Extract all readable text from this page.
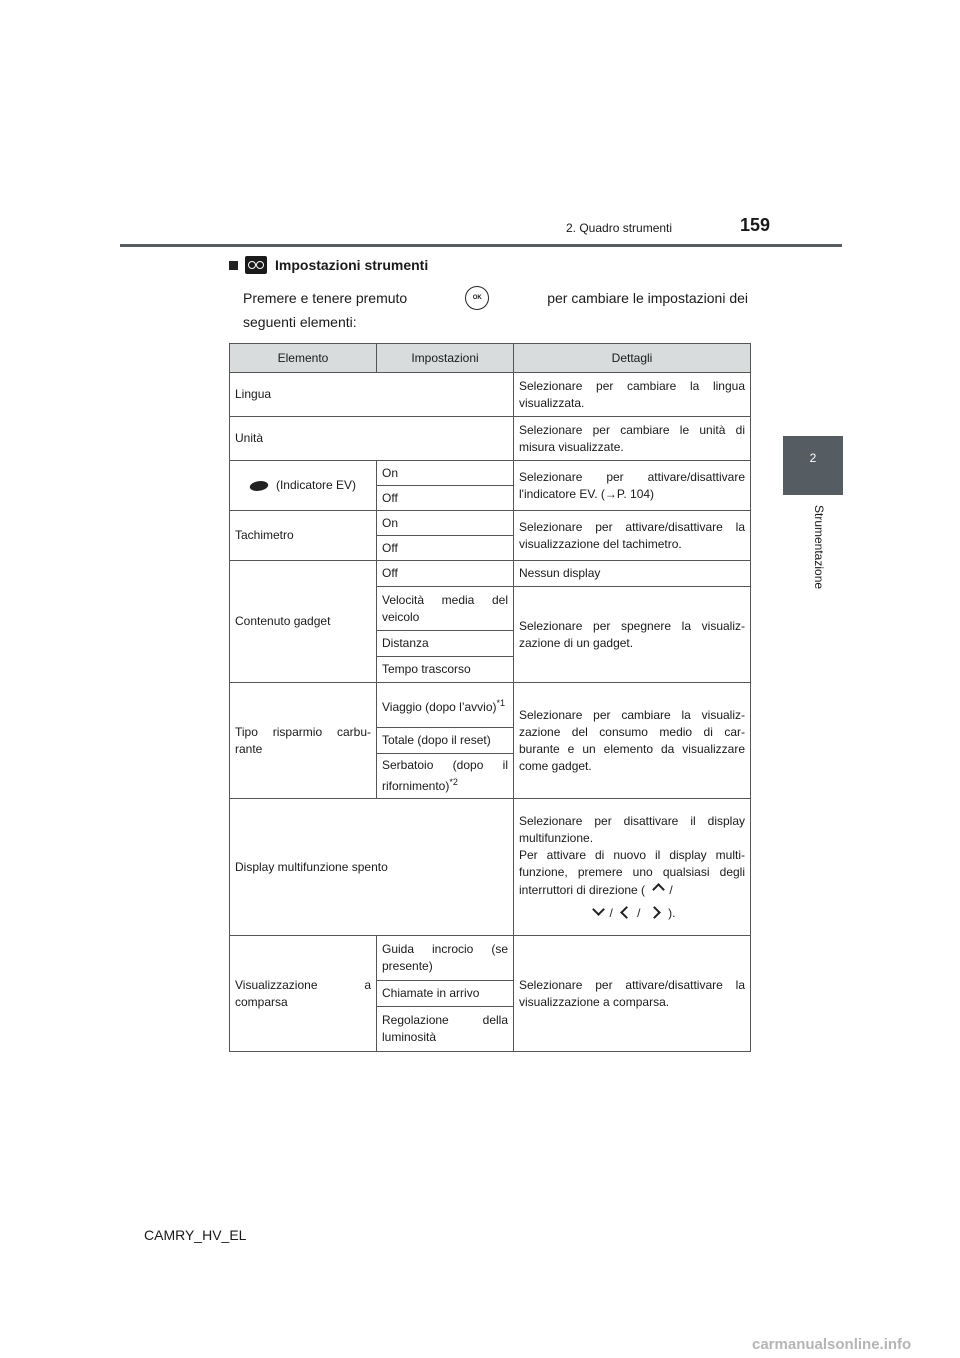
2. Quadro strumenti	159
2
Strumentazione
Impostazioni strumenti
Premere e tenere premuto	OK	per cambiare le impostazioni dei
seguenti elementi:
Elemento	Impostazioni	Dettagli
Lingua		Selezionare per cambiare la lingua visualizzata.
Unità		Selezionare per cambiare le unità di misura visualizzate.
(Indicatore EV)	On	Selezionare per attivare/disattivare l'indicatore EV. (→P. 104)
	Off	
Tachimetro	On	Selezionare per attivare/disattivare la visualizzazione del tachimetro.
	Off	
Contenuto gadget	Off	Nessun display
	Velocità media del veicolo	Selezionare per spegnere la visualiz-zazione di un gadget.
	Distanza	
	Tempo trascorso	
Tipo risparmio carbu-rante	Viaggio (dopo l’avvio)$^{*1}$	Selezionare per cambiare la visualiz-zazione del consumo medio di car-burante e un elemento da visualizzare come gadget.
	Totale (dopo il reset)	
	Serbatoio (dopo il rifornimento)$^{*2}$
Display multifunzione spento		Selezionare per disattivare il display multifunzione.
Per attivare di nuovo il display multi-funzione, premere uno qualsiasi degli interruttori di direzione ( /
/ /  ).

Visualizzazione a comparsa	Guida incrocio (se presente)	Selezionare per attivare/disattivare la visualizzazione a comparsa.
	Chiamate in arrivo	
	Regolazione della luminosità	
CAMRY_HV_EL
carmanualsonline.info
